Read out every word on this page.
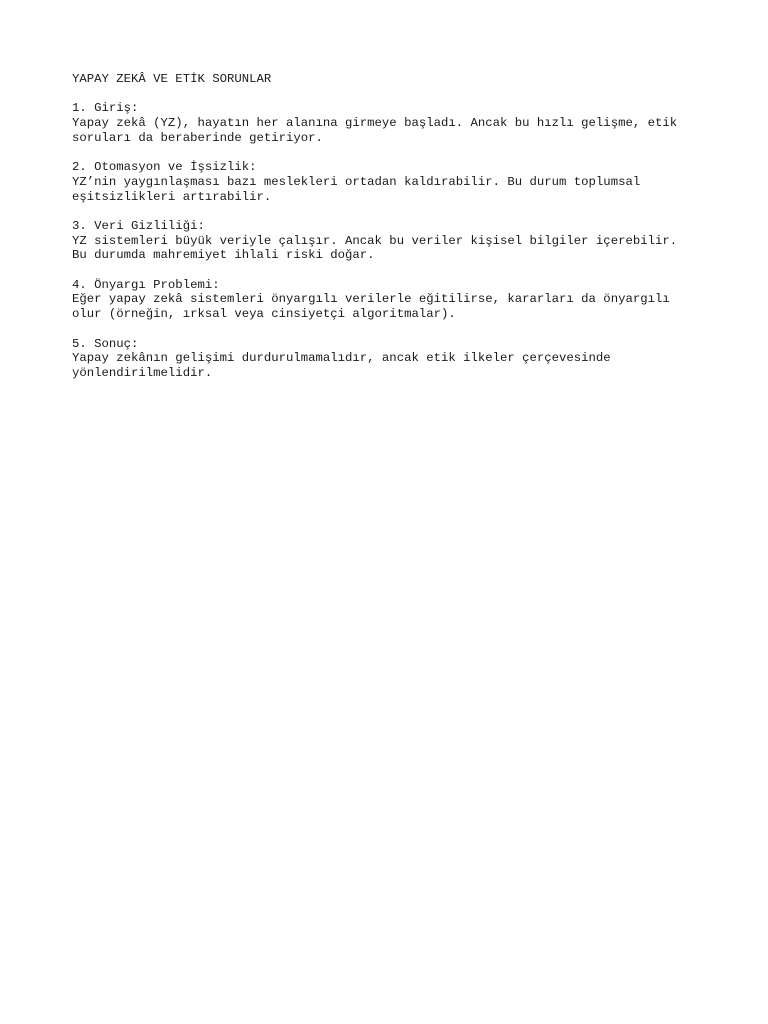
YAPAY ZEKÂ VE ETİK SORUNLAR

1. Giriş:

Yapay zekâ (YZ), hayatın her alanına girmeye başladı. Ancak bu hızlı gelişme, etik
soruları da beraberinde getiriyor.

2. Otomasyon ve İşsizlik:

YZ’nin yaygınlaşması bazı meslekleri ortadan kaldırabilir. Bu durum toplumsal
eşitsizlikleri artırabilir.

3. Veri Gizliliği:

YZ sistemleri büyük veriyle çalışır. Ancak bu veriler kişisel bilgiler içerebilir.
Bu durumda mahremiyet ihlali riski doğar.

4. Önyargı Problemi:

Eğer yapay zekâ sistemleri önyargılı verilerle eğitilirse, kararları da önyargılı
olur (örneğin, ırksal veya cinsiyetçi algoritmalar).

5. Sonuç:

Yapay zekânın gelişimi durdurulmamalıdır, ancak etik ilkeler çerçevesinde
yönlendirilmelidir.
